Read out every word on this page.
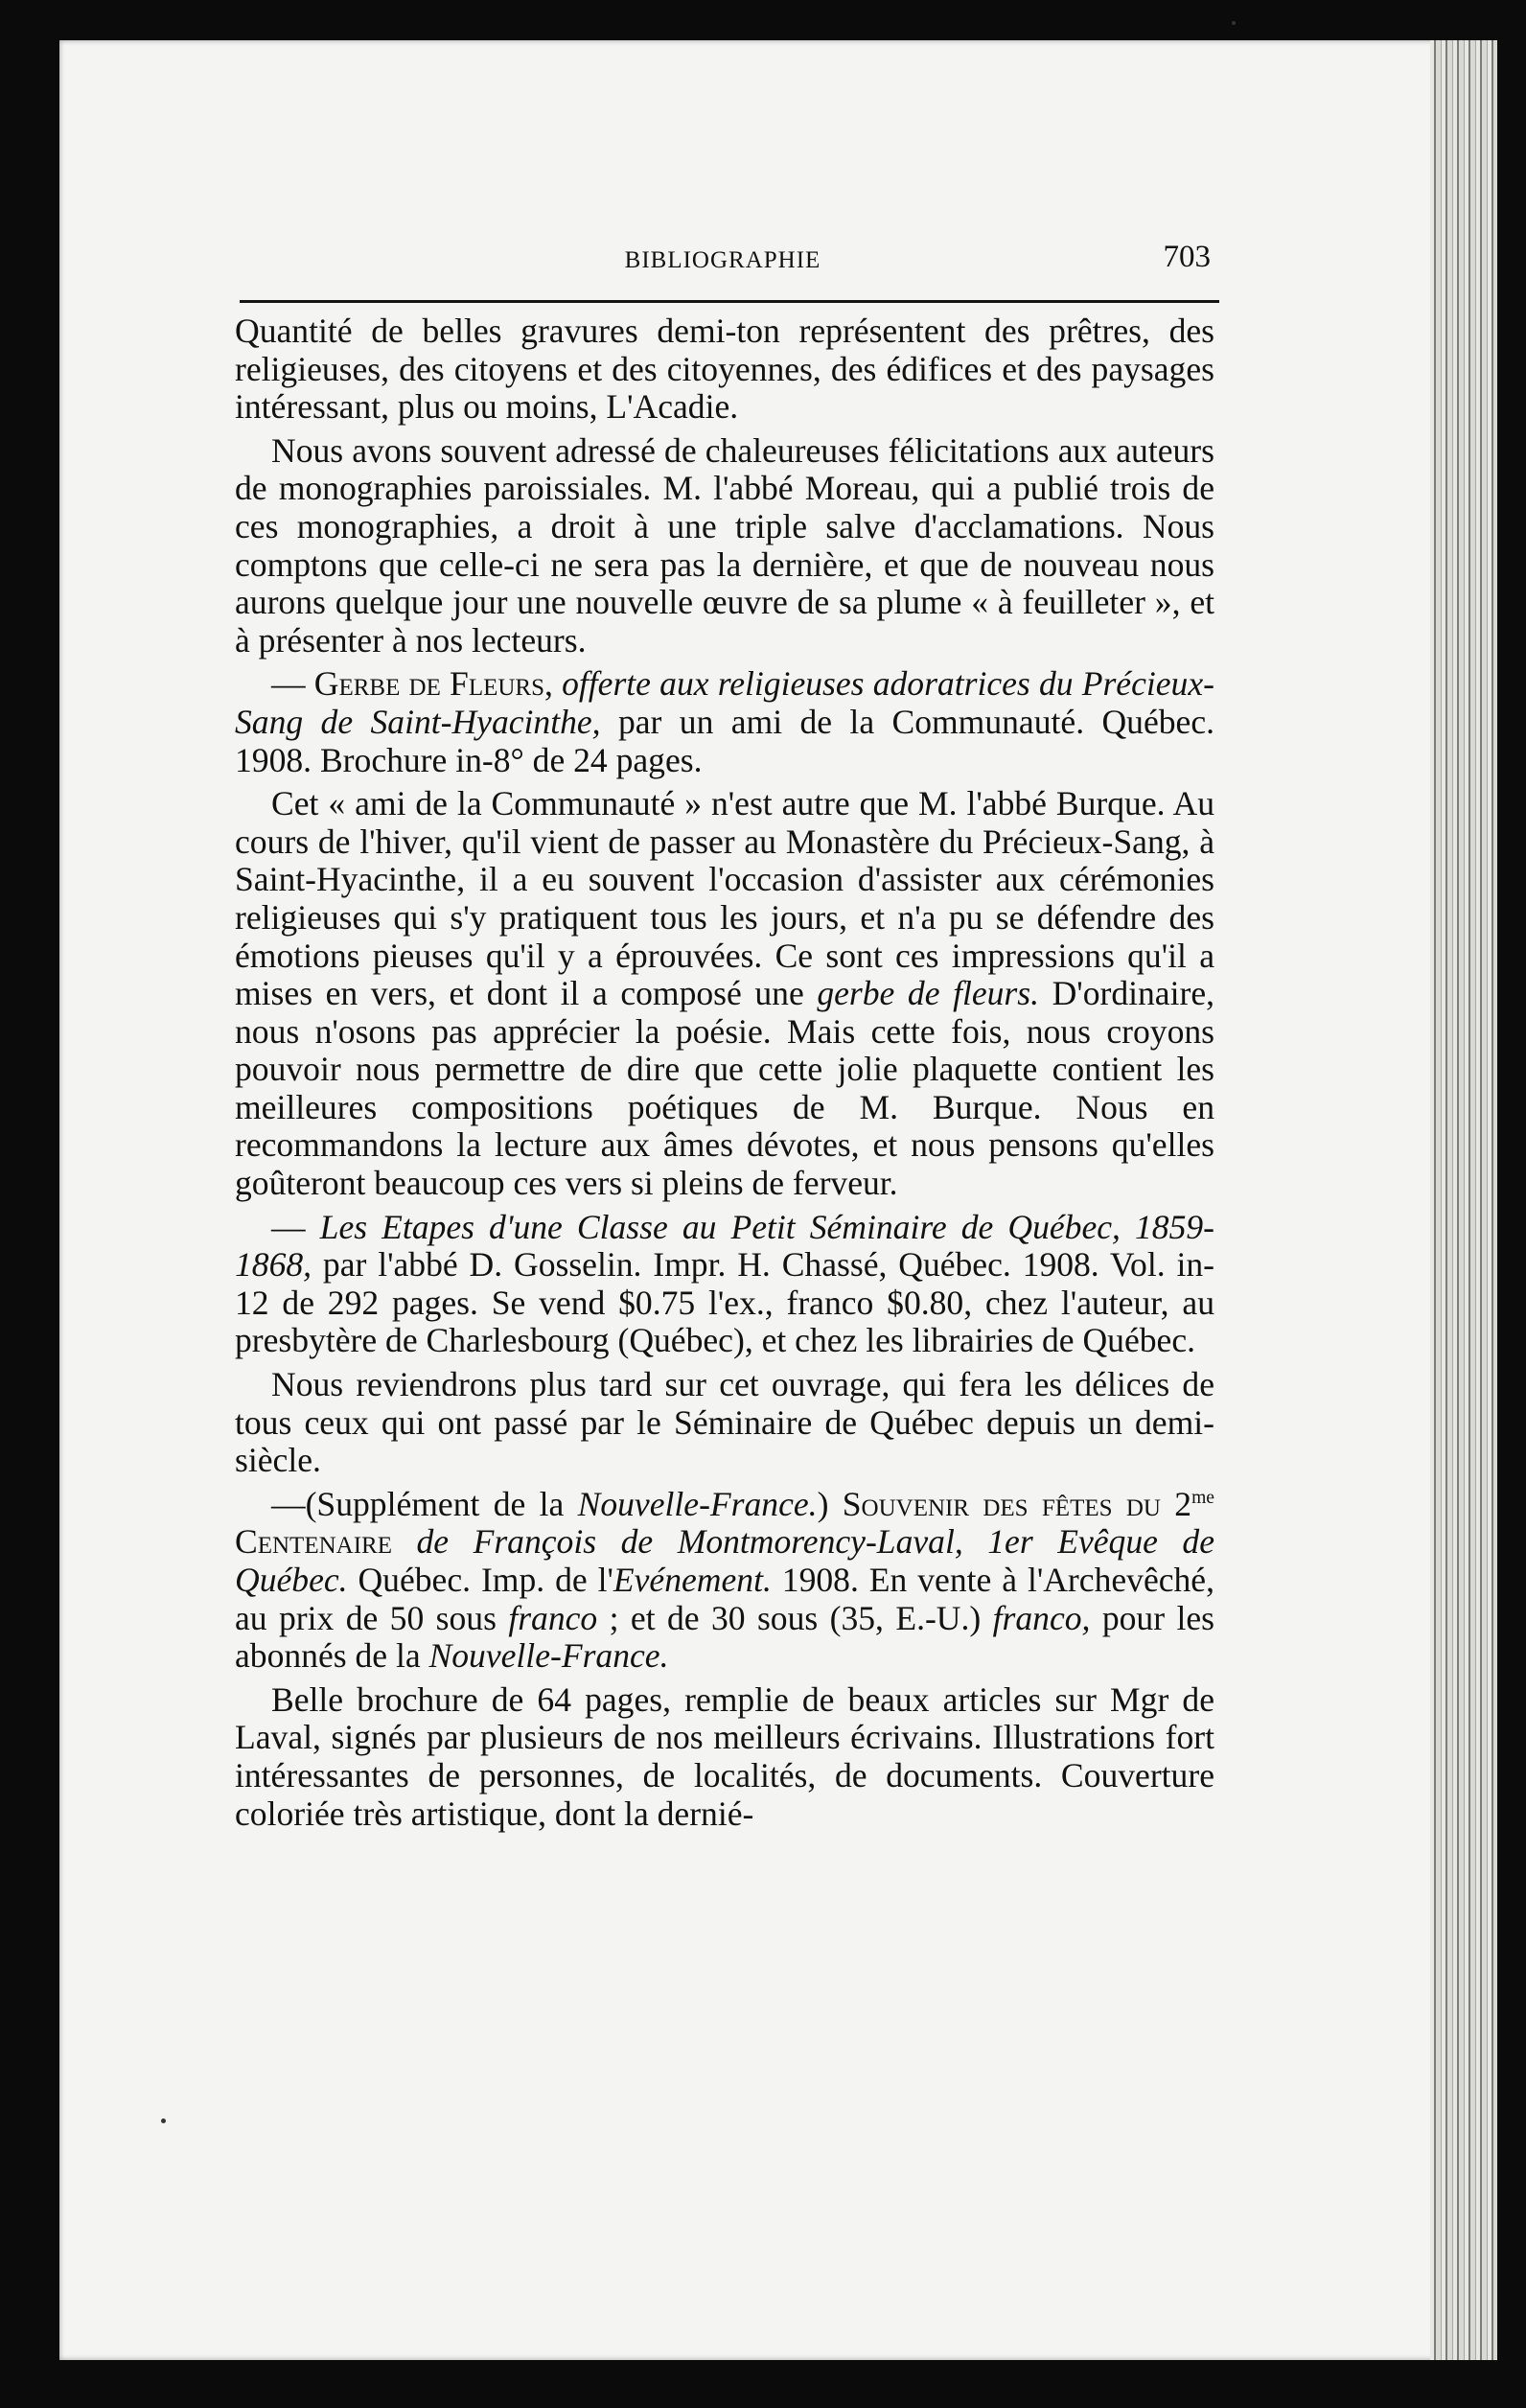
BIBLIOGRAPHIE	703

Quantité de belles gravures demi-ton représentent des prêtres, des religieuses, des citoyens et des citoyennes, des édifices et des paysages intéressant, plus ou moins, L'Acadie.

Nous avons souvent adressé de chaleureuses félicitations aux auteurs de monographies paroissiales. M. l'abbé Moreau, qui a publié trois de ces monographies, a droit à une triple salve d'acclamations. Nous comptons que celle-ci ne sera pas la dernière, et que de nouveau nous aurons quelque jour une nouvelle œuvre de sa plume « à feuilleter », et à présenter à nos lecteurs.

— Gerbe de Fleurs, offerte aux religieuses adoratrices du Précieux-Sang de Saint-Hyacinthe, par un ami de la Communauté. Québec. 1908. Brochure in-8° de 24 pages.

Cet « ami de la Communauté » n'est autre que M. l'abbé Burque. Au cours de l'hiver, qu'il vient de passer au Monastère du Précieux-Sang, à Saint-Hyacinthe, il a eu souvent l'occasion d'assister aux cérémonies religieuses qui s'y pratiquent tous les jours, et n'a pu se défendre des émotions pieuses qu'il y a éprouvées. Ce sont ces impressions qu'il a mises en vers, et dont il a composé une gerbe de fleurs. D'ordinaire, nous n'osons pas apprécier la poésie. Mais cette fois, nous croyons pouvoir nous permettre de dire que cette jolie plaquette contient les meilleures compositions poétiques de M. Burque. Nous en recommandons la lecture aux âmes dévotes, et nous pensons qu'elles goûteront beaucoup ces vers si pleins de ferveur.

— Les Etapes d'une Classe au Petit Séminaire de Québec, 1859-1868, par l'abbé D. Gosselin. Impr. H. Chassé, Québec. 1908. Vol. in-12 de 292 pages. Se vend $0.75 l'ex., franco $0.80, chez l'auteur, au presbytère de Charlesbourg (Québec), et chez les librairies de Québec.

Nous reviendrons plus tard sur cet ouvrage, qui fera les délices de tous ceux qui ont passé par le Séminaire de Québec depuis un demi-siècle.

—(Supplément de la Nouvelle-France.) Souvenir des fêtes du $2^{me}$ Centenaire de François de Montmorency-Laval, 1er Evêque de Québec. Québec. Imp. de l'Evénement. 1908. En vente à l'Archevêché, au prix de 50 sous franco ; et de 30 sous (35, E.-U.) franco, pour les abonnés de la Nouvelle-France.

Belle brochure de 64 pages, remplie de beaux articles sur Mgr de Laval, signés par plusieurs de nos meilleurs écrivains. Illustrations fort intéressantes de personnes, de localités, de documents. Couverture coloriée très artistique, dont la dernié-
